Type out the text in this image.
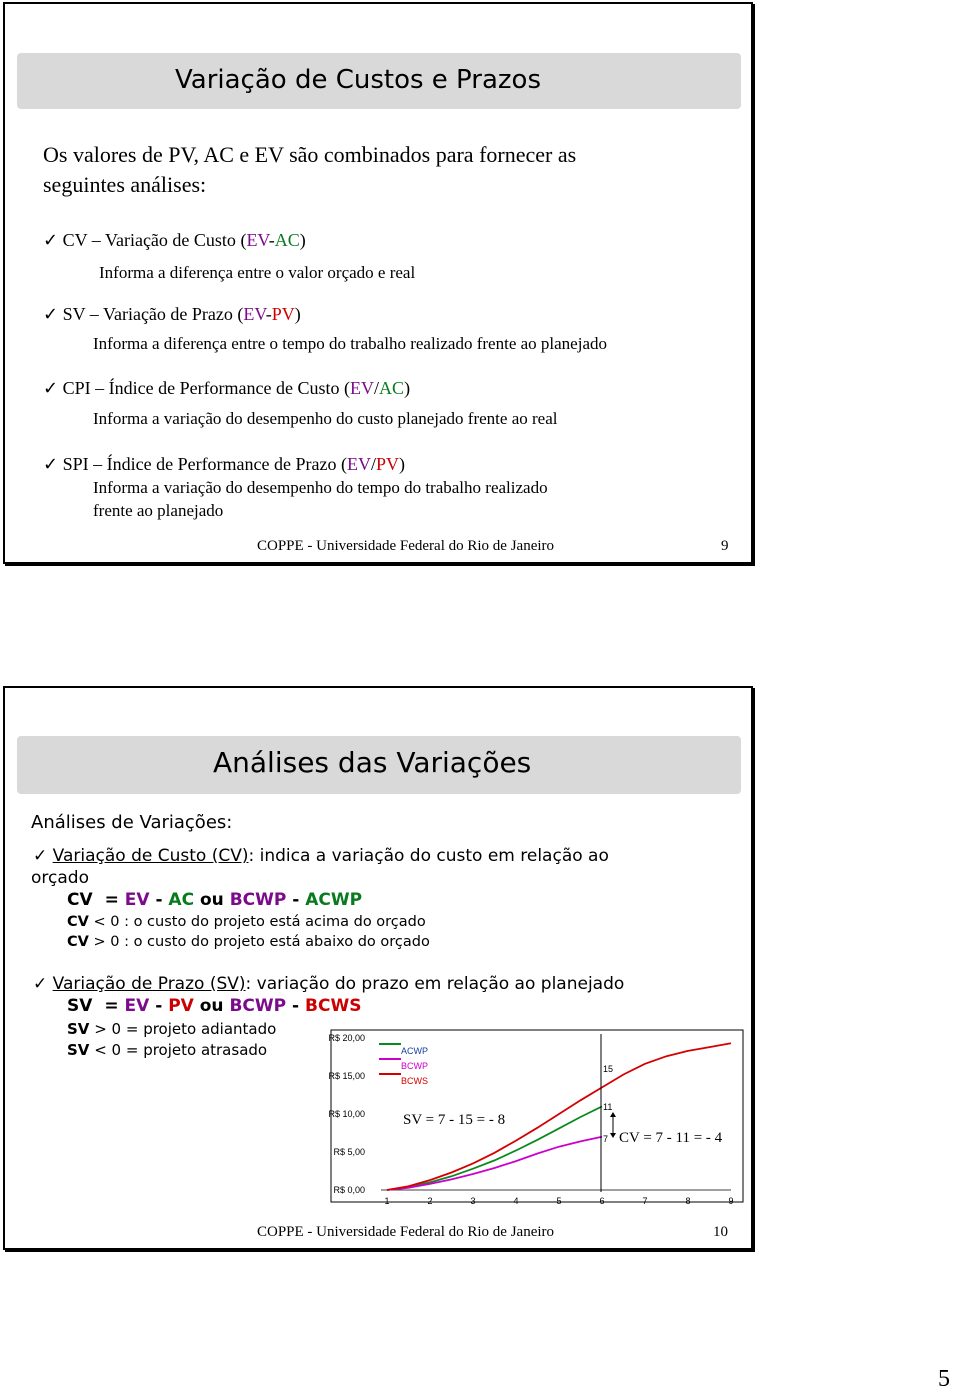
Variação de Custos e Prazos
Os valores de PV, AC e EV são combinados para fornecer as
seguintes análises:
✓ CV – Variação de Custo (EV-AC)
Informa a diferença entre o valor orçado e real
✓ SV – Variação de Prazo (EV-PV)
Informa a diferença entre o tempo do trabalho realizado frente ao planejado
✓ CPI – Índice de Performance de Custo (EV/AC)
Informa a variação do desempenho do custo planejado frente ao real
✓ SPI – Índice de Performance de Prazo (EV/PV)
Informa a variação do desempenho do tempo do trabalho realizado
frente ao planejado
COPPE - Universidade Federal do Rio de Janeiro	9
Análises das Variações
Análises de Variações:
✓ Variação de Custo (CV): indica a variação do custo em relação ao
orçado
CV = EV - AC ou BCWP - ACWP
CV < 0 : o custo do projeto está acima do orçado
CV > 0 : o custo do projeto está abaixo do orçado
✓ Variação de Prazo (SV): variação do prazo em relação ao planejado
SV = EV - PV ou BCWP - BCWS
SV > 0 = projeto adiantado
SV < 0 = projeto atrasado
R$ 20,00
R$ 15,00
R$ 10,00
R$ 5,00
R$ 0,00
1	2	3	4	5	6	7	8	9
ACWP
BCWP
BCWS
15
11
7
SV = 7 - 15 = - 8
CV = 7 - 11 = - 4
COPPE - Universidade Federal do Rio de Janeiro	10
5
